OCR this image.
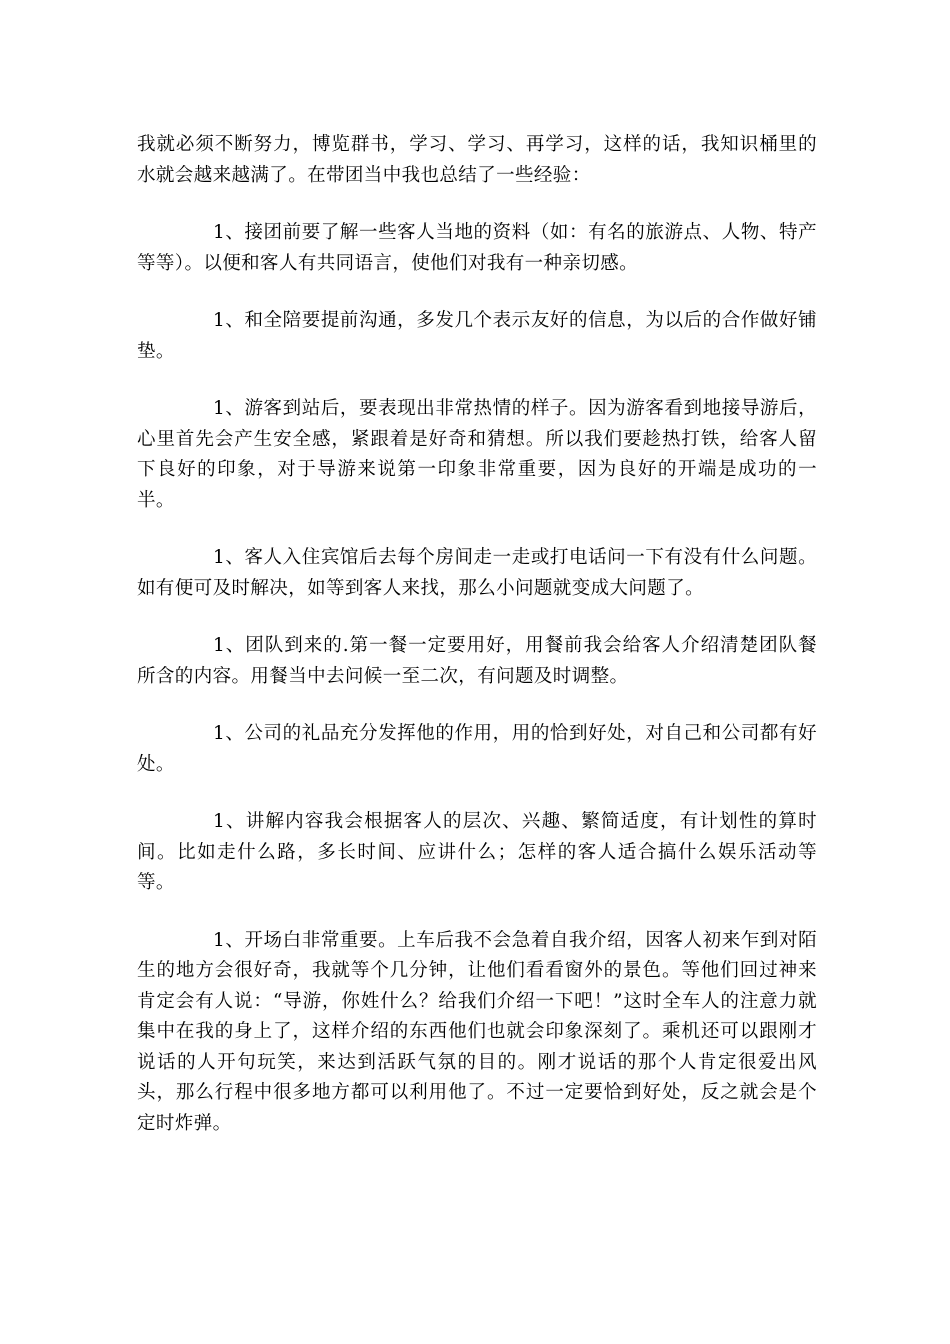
我就必须不断努力，博览群书，学习、学习、再学习，这样的话，我知识桶里的水就会越来越满了。在带团当中我也总结了一些经验：

1、接团前要了解一些客人当地的资料（如：有名的旅游点、人物、特产等等）。以便和客人有共同语言，使他们对我有一种亲切感。

1、和全陪要提前沟通，多发几个表示友好的信息，为以后的合作做好铺垫。

1、游客到站后，要表现出非常热情的样子。因为游客看到地接导游后，心里首先会产生安全感，紧跟着是好奇和猜想。所以我们要趁热打铁，给客人留下良好的印象，对于导游来说第一印象非常重要，因为良好的开端是成功的一半。

1、客人入住宾馆后去每个房间走一走或打电话问一下有没有什么问题。如有便可及时解决，如等到客人来找，那么小问题就变成大问题了。

1、团队到来的.第一餐一定要用好，用餐前我会给客人介绍清楚团队餐所含的内容。用餐当中去问候一至二次，有问题及时调整。

1、公司的礼品充分发挥他的作用，用的恰到好处，对自己和公司都有好处。

1、讲解内容我会根据客人的层次、兴趣、繁简适度，有计划性的算时间。比如走什么路，多长时间、应讲什么；怎样的客人适合搞什么娱乐活动等等。

1、开场白非常重要。上车后我不会急着自我介绍，因客人初来乍到对陌生的地方会很好奇，我就等个几分钟，让他们看看窗外的景色。等他们回过神来肯定会有人说：“导游，你姓什么？给我们介绍一下吧！”这时全车人的注意力就集中在我的身上了，这样介绍的东西他们也就会印象深刻了。乘机还可以跟刚才说话的人开句玩笑，来达到活跃气氛的目的。刚才说话的那个人肯定很爱出风头，那么行程中很多地方都可以利用他了。不过一定要恰到好处，反之就会是个定时炸弹。
